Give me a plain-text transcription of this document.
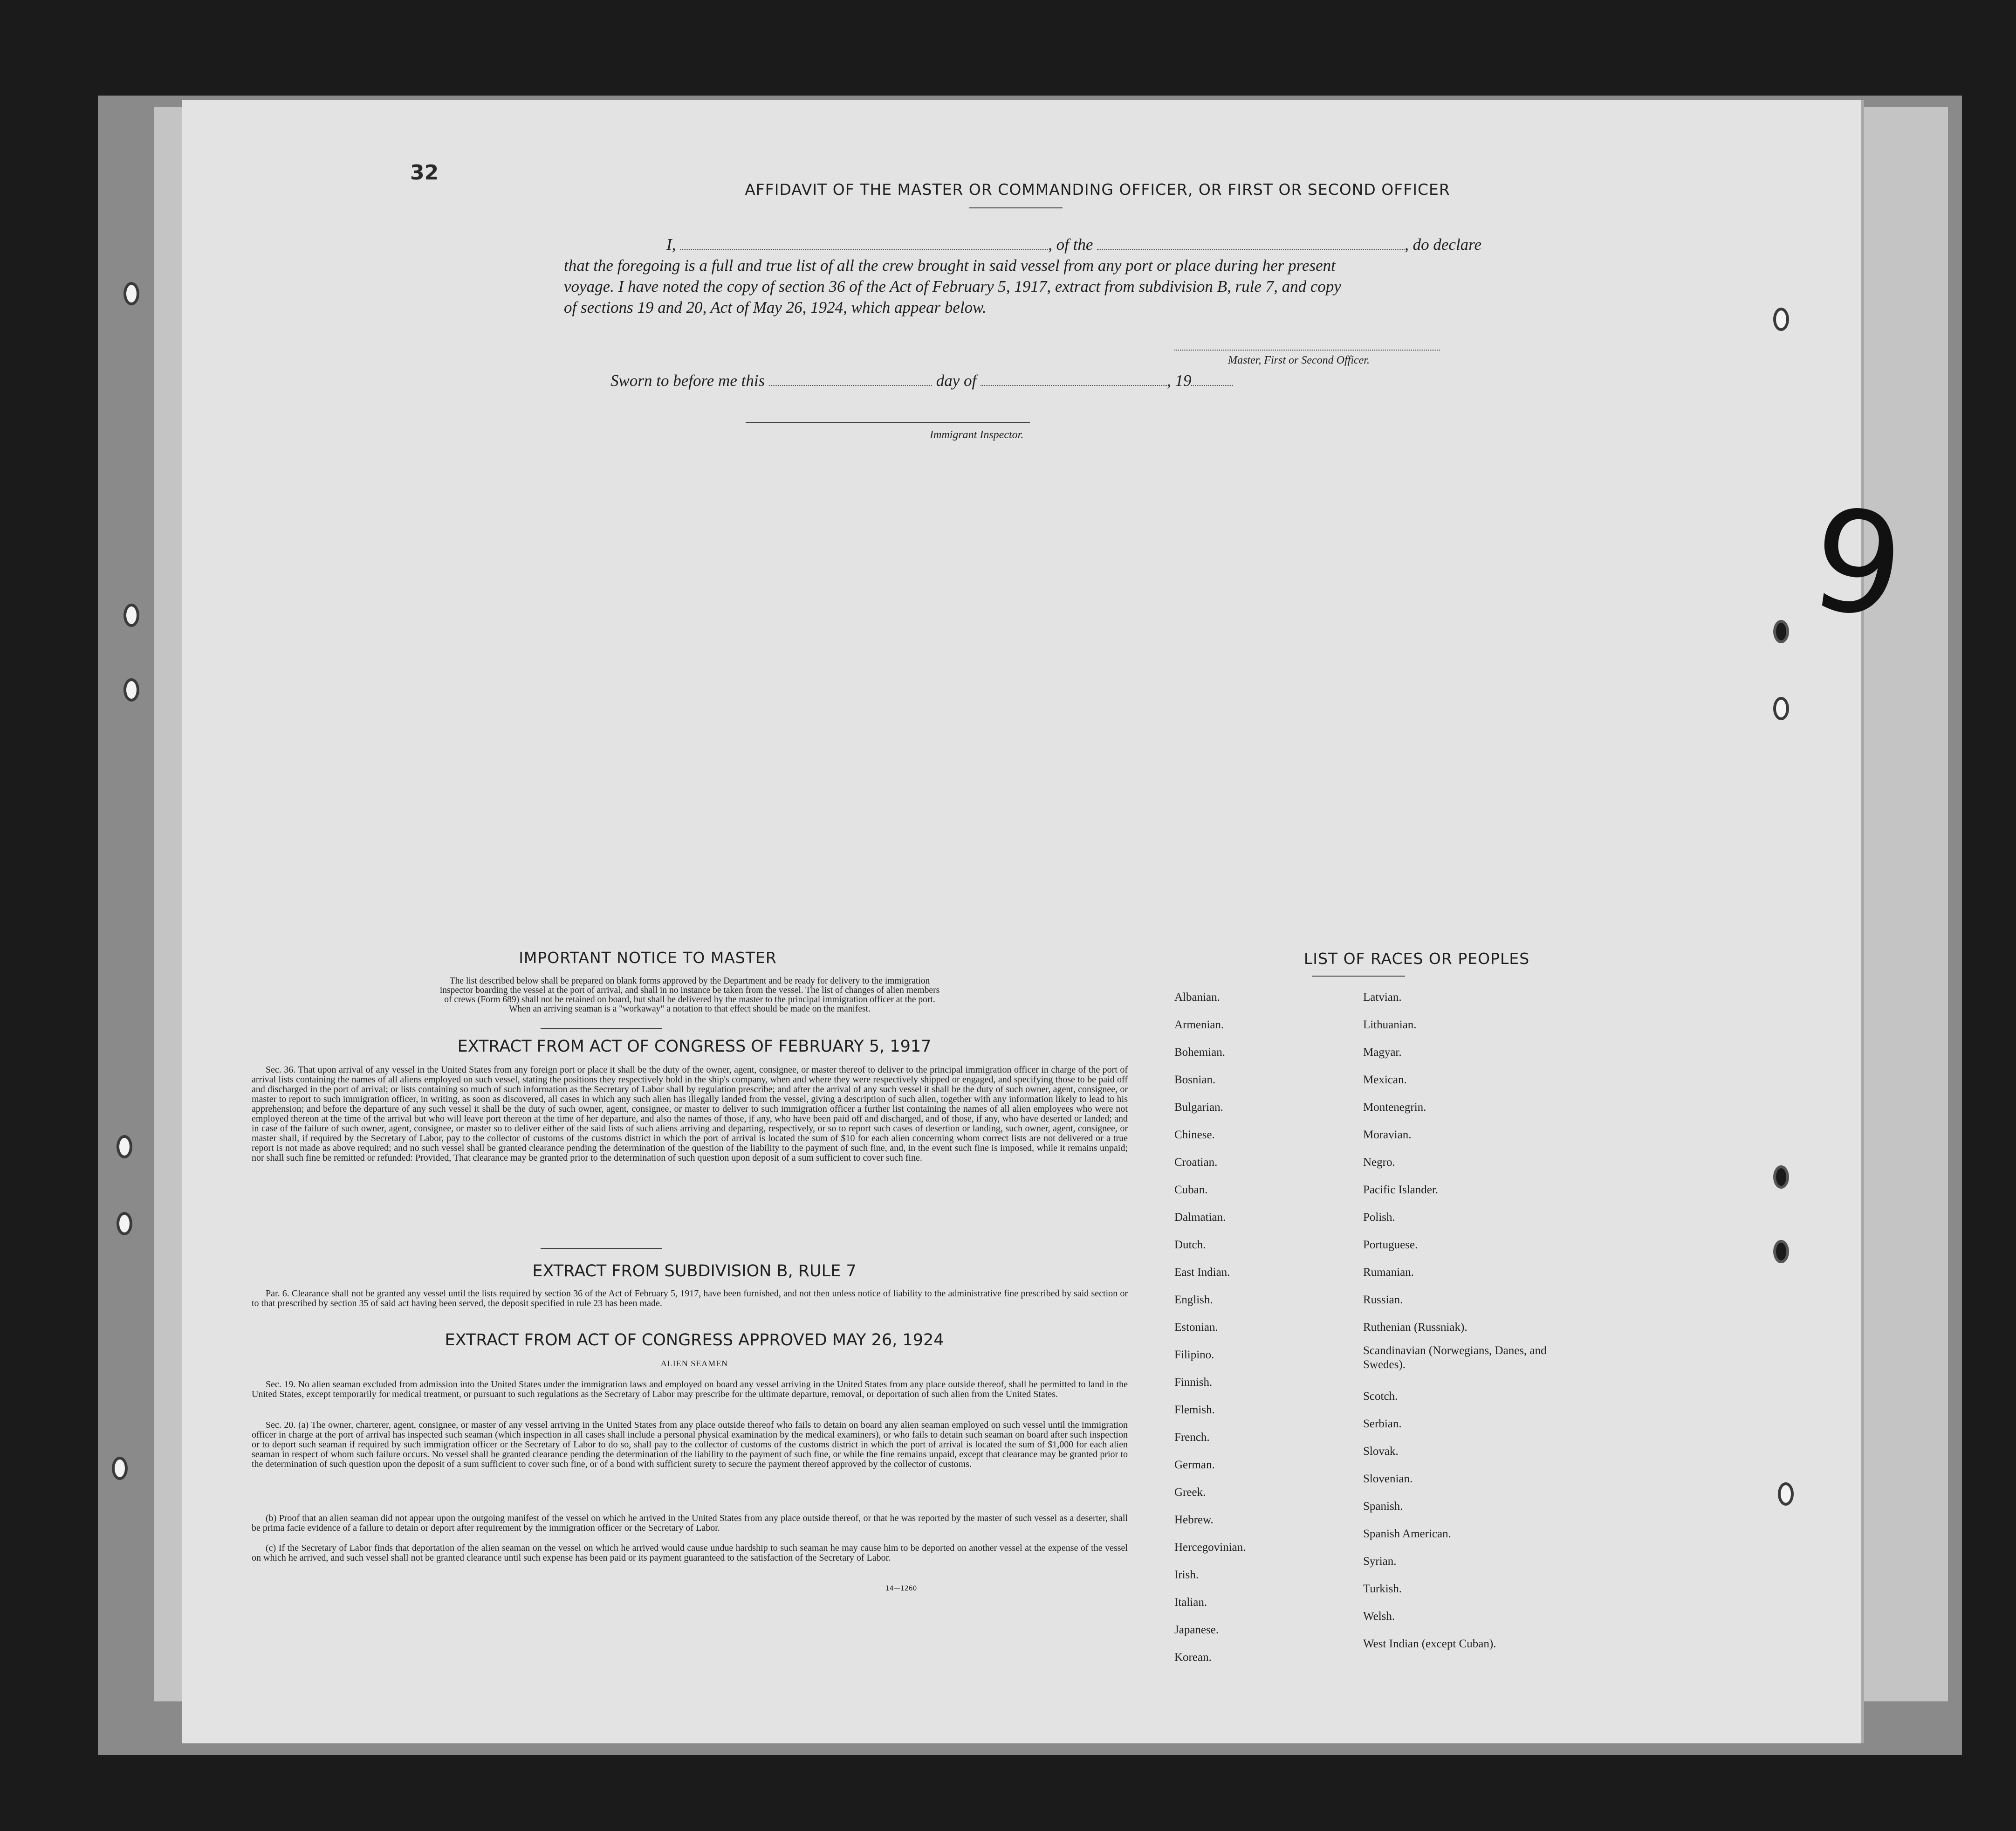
32
9
AFFIDAVIT OF THE MASTER OR COMMANDING OFFICER, OR FIRST OR SECOND OFFICER
I,	, of the	, do declare
that the foregoing is a full and true list of all the crew brought in said vessel from any port or place during her present
voyage. I have noted the copy of section 36 of the Act of February 5, 1917, extract from subdivision B, rule 7, and copy
of sections 19 and 20, Act of May 26, 1924, which appear below.
Master, First or Second Officer.
Sworn to before me this	day of	, 19
Immigrant Inspector.
IMPORTANT NOTICE TO MASTER
The list described below shall be prepared on blank forms approved by the Department and be ready for delivery to the immigration
inspector boarding the vessel at the port of arrival, and shall in no instance be taken from the vessel. The list of changes of alien members
of crews (Form 689) shall not be retained on board, but shall be delivered by the master to the principal immigration officer at the port.
When an arriving seaman is a "workaway" a notation to that effect should be made on the manifest.
EXTRACT FROM ACT OF CONGRESS OF FEBRUARY 5, 1917
Sec. 36. That upon arrival of any vessel in the United States from any foreign port or place it shall be the duty of the owner, agent, consignee, or master thereof to deliver to the principal immigration officer in charge of the port of arrival lists containing the names of all aliens employed on such vessel, stating the positions they respectively hold in the ship's company, when and where they were respectively shipped or engaged, and specifying those to be paid off and discharged in the port of arrival; or lists containing so much of such information as the Secretary of Labor shall by regulation prescribe; and after the arrival of any such vessel it shall be the duty of such owner, agent, consignee, or master to report to such immigration officer, in writing, as soon as discovered, all cases in which any such alien has illegally landed from the vessel, giving a description of such alien, together with any information likely to lead to his apprehension; and before the departure of any such vessel it shall be the duty of such owner, agent, consignee, or master to deliver to such immigration officer a further list containing the names of all alien employees who were not employed thereon at the time of the arrival but who will leave port thereon at the time of her departure, and also the names of those, if any, who have been paid off and discharged, and of those, if any, who have deserted or landed; and in case of the failure of such owner, agent, consignee, or master so to deliver either of the said lists of such aliens arriving and departing, respectively, or so to report such cases of desertion or landing, such owner, agent, consignee, or master shall, if required by the Secretary of Labor, pay to the collector of customs of the customs district in which the port of arrival is located the sum of $10 for each alien concerning whom correct lists are not delivered or a true report is not made as above required; and no such vessel shall be granted clearance pending the determination of the question of the liability to the payment of such fine, and, in the event such fine is imposed, while it remains unpaid; nor shall such fine be remitted or refunded: Provided, That clearance may be granted prior to the determination of such question upon deposit of a sum sufficient to cover such fine.
EXTRACT FROM SUBDIVISION B, RULE 7
Par. 6. Clearance shall not be granted any vessel until the lists required by section 36 of the Act of February 5, 1917, have been furnished, and not then unless notice of liability to the administrative fine prescribed by said section or to that prescribed by section 35 of said act having been served, the deposit specified in rule 23 has been made.
EXTRACT FROM ACT OF CONGRESS APPROVED MAY 26, 1924
ALIEN SEAMEN
Sec. 19. No alien seaman excluded from admission into the United States under the immigration laws and employed on board any vessel arriving in the United States from any place outside thereof, shall be permitted to land in the United States, except temporarily for medical treatment, or pursuant to such regulations as the Secretary of Labor may prescribe for the ultimate departure, removal, or deportation of such alien from the United States.
Sec. 20. (a) The owner, charterer, agent, consignee, or master of any vessel arriving in the United States from any place outside thereof who fails to detain on board any alien seaman employed on such vessel until the immigration officer in charge at the port of arrival has inspected such seaman (which inspection in all cases shall include a personal physical examination by the medical examiners), or who fails to detain such seaman on board after such inspection or to deport such seaman if required by such immigration officer or the Secretary of Labor to do so, shall pay to the collector of customs of the customs district in which the port of arrival is located the sum of $1,000 for each alien seaman in respect of whom such failure occurs. No vessel shall be granted clearance pending the determination of the liability to the payment of such fine, or while the fine remains unpaid, except that clearance may be granted prior to the determination of such question upon the deposit of a sum sufficient to cover such fine, or of a bond with sufficient surety to secure the payment thereof approved by the collector of customs.
(b) Proof that an alien seaman did not appear upon the outgoing manifest of the vessel on which he arrived in the United States from any place outside thereof, or that he was reported by the master of such vessel as a deserter, shall be prima facie evidence of a failure to detain or deport after requirement by the immigration officer or the Secretary of Labor.
(c) If the Secretary of Labor finds that deportation of the alien seaman on the vessel on which he arrived would cause undue hardship to such seaman he may cause him to be deported on another vessel at the expense of the vessel on which he arrived, and such vessel shall not be granted clearance until such expense has been paid or its payment guaranteed to the satisfaction of the Secretary of Labor.
14—1260
LIST OF RACES OR PEOPLES
Albanian.
Armenian.
Bohemian.
Bosnian.
Bulgarian.
Chinese.
Croatian.
Cuban.
Dalmatian.
Dutch.
East Indian.
English.
Estonian.
Filipino.
Finnish.
Flemish.
French.
German.
Greek.
Hebrew.
Hercegovinian.
Irish.
Italian.
Japanese.
Korean.
Latvian.
Lithuanian.
Magyar.
Mexican.
Montenegrin.
Moravian.
Negro.
Pacific Islander.
Polish.
Portuguese.
Rumanian.
Russian.
Ruthenian (Russniak).
Scandinavian (Norwegians, Danes, and Swedes).
Scotch.
Serbian.
Slovak.
Slovenian.
Spanish.
Spanish American.
Syrian.
Turkish.
Welsh.
West Indian (except Cuban).
